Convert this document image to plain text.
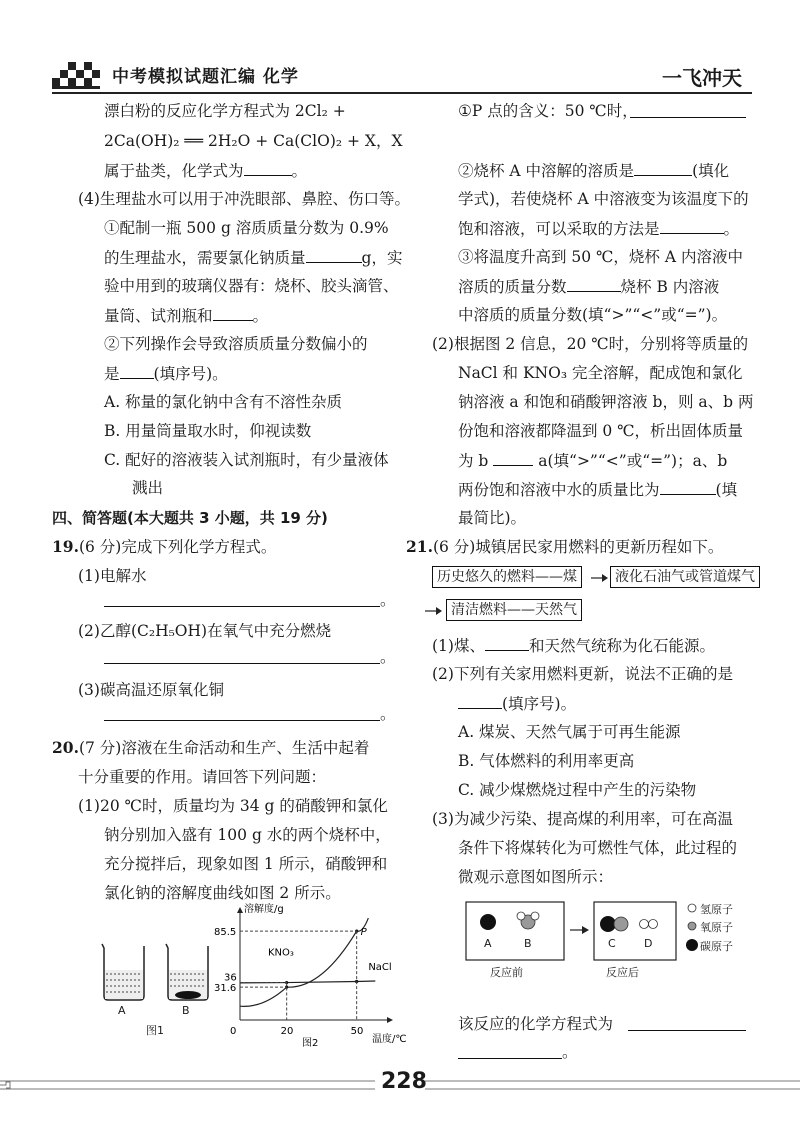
中考模拟试题汇编 化学	一飞冲天
漂白粉的反应化学方程式为 2Cl₂ +
2Ca(OH)₂ ══ 2H₂O + Ca(ClO)₂ + X，X
属于盐类，化学式为	。
(4)生理盐水可以用于冲洗眼部、鼻腔、伤口等。
①配制一瓶 500 g 溶质质量分数为 0.9%
的生理盐水，需要氯化钠质量	g，实
验中用到的玻璃仪器有：烧杯、胶头滴管、
量筒、试剂瓶和	。
②下列操作会导致溶质质量分数偏小的
是 (填序号)。
A. 称量的氯化钠中含有不溶性杂质
B. 用量筒量取水时，仰视读数
C. 配好的溶液装入试剂瓶时，有少量液体
溅出
四、简答题(本大题共 3 小题，共 19 分)
19.(6 分)完成下列化学方程式。
(1)电解水
。
(2)乙醇(C₂H₅OH)在氧气中充分燃烧
。
(3)碳高温还原氧化铜
。
20.(7 分)溶液在生命活动和生产、生活中起着
十分重要的作用。请回答下列问题：
(1)20 ℃时，质量均为 34 g 的硝酸钾和氯化
钠分别加入盛有 100 g 水的两个烧杯中，
充分搅拌后，现象如图 1 所示，硝酸钾和
氯化钠的溶解度曲线如图 2 所示。
A	B
图1
溶解度/g
温度/℃
0
KNO₃
NaCl
P
31.6
36
85.5
20	50
图2
①P 点的含义：50 ℃时，
②烧杯 A 中溶解的溶质是	(填化
学式)，若使烧杯 A 中溶液变为该温度下的
饱和溶液，可以采取的方法是	。
③将温度升高到 50 ℃，烧杯 A 内溶液中
溶质的质量分数	烧杯 B 内溶液
中溶质的质量分数(填“>”“<”或“=”)。
(2)根据图 2 信息，20 ℃时，分别将等质量的
NaCl 和 KNO₃ 完全溶解，配成饱和氯化
钠溶液 a 和饱和硝酸钾溶液 b，则 a、b 两
份饱和溶液都降温到 0 ℃，析出固体质量
为 b	a(填“>”“<”或“=”)；a、b
两份饱和溶液中水的质量比为	(填
最简比)。
21.(6 分)城镇居民家用燃料的更新历程如下。
历史悠久的燃料——煤	液化石油气或管道煤气
清洁燃料——天然气
(1)煤、	和天然气统称为化石能源。
(2)下列有关家用燃料更新，说法不正确的是
(填序号)。
A. 煤炭、天然气属于可再生能源
B. 气体燃料的利用率更高
C. 减少煤燃烧过程中产生的污染物
(3)为减少污染、提高煤的利用率，可在高温
条件下将煤转化为可燃性气体，此过程的
微观示意图如图所示：
A	B	C	D
氢原子
氧原子
碳原子
反应前	反应后
该反应的化学方程式为
。
228
